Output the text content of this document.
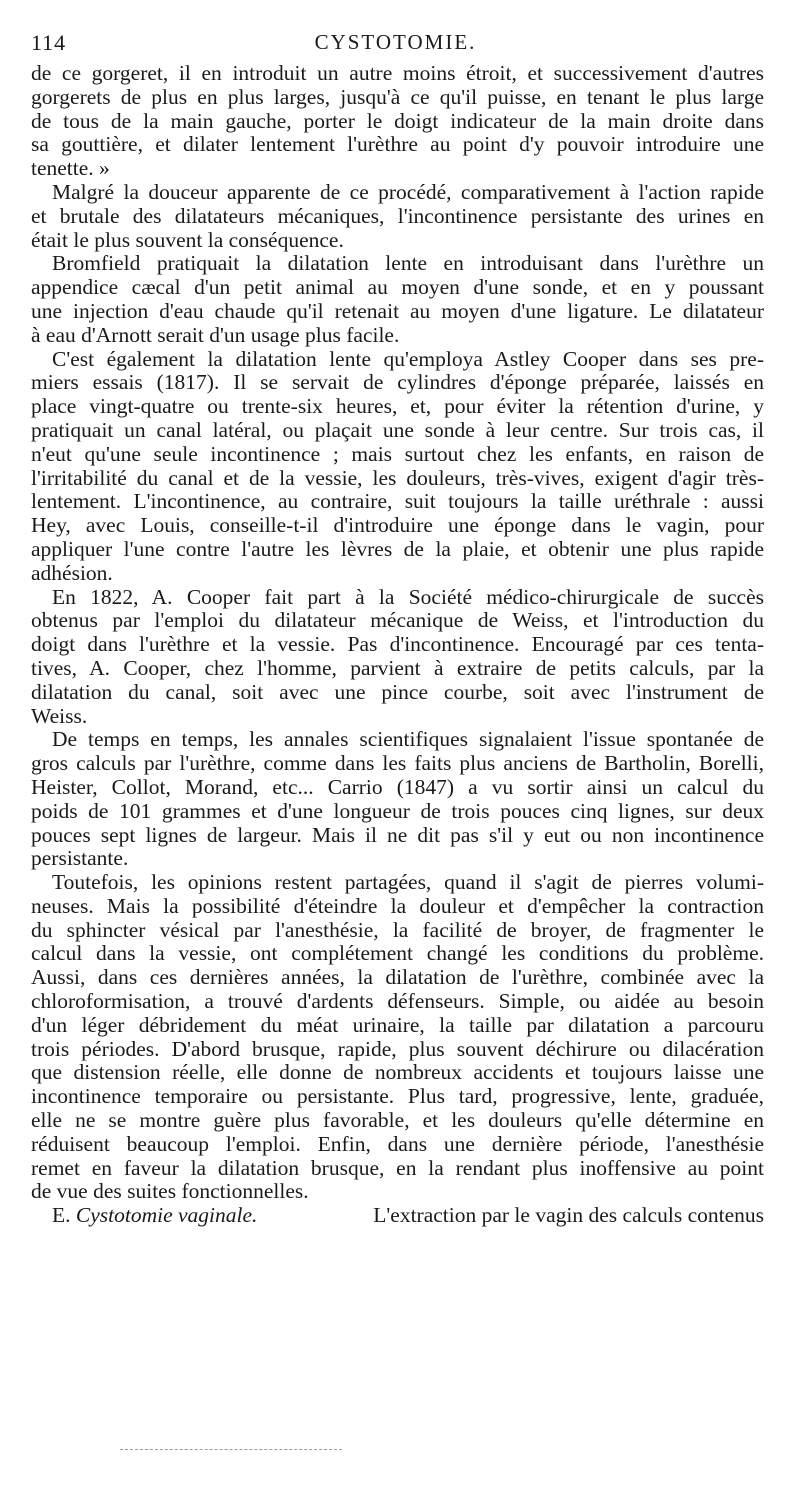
114	CYSTOTOMIE.
de ce gorgeret, il en introduit un autre moins étroit, et successivement d'autres
gorgerets de plus en plus larges, jusqu'à ce qu'il puisse, en tenant le plus large
de tous de la main gauche, porter le doigt indicateur de la main droite dans
sa gouttière, et dilater lentement l'urèthre au point d'y pouvoir introduire une
tenette. »
Malgré la douceur apparente de ce procédé, comparativement à l'action rapide
et brutale des dilatateurs mécaniques, l'incontinence persistante des urines en
était le plus souvent la conséquence.
Bromfield pratiquait la dilatation lente en introduisant dans l'urèthre un
appendice cæcal d'un petit animal au moyen d'une sonde, et en y poussant
une injection d'eau chaude qu'il retenait au moyen d'une ligature. Le dilatateur
à eau d'Arnott serait d'un usage plus facile.
C'est également la dilatation lente qu'employa Astley Cooper dans ses pre-
miers essais (1817). Il se servait de cylindres d'éponge préparée, laissés en
place vingt-quatre ou trente-six heures, et, pour éviter la rétention d'urine, y
pratiquait un canal latéral, ou plaçait une sonde à leur centre. Sur trois cas, il
n'eut qu'une seule incontinence ; mais surtout chez les enfants, en raison de
l'irritabilité du canal et de la vessie, les douleurs, très-vives, exigent d'agir très-
lentement. L'incontinence, au contraire, suit toujours la taille uréthrale : aussi
Hey, avec Louis, conseille-t-il d'introduire une éponge dans le vagin, pour
appliquer l'une contre l'autre les lèvres de la plaie, et obtenir une plus rapide
adhésion.
En 1822, A. Cooper fait part à la Société médico-chirurgicale de succès
obtenus par l'emploi du dilatateur mécanique de Weiss, et l'introduction du
doigt dans l'urèthre et la vessie. Pas d'incontinence. Encouragé par ces tenta-
tives, A. Cooper, chez l'homme, parvient à extraire de petits calculs, par la
dilatation du canal, soit avec une pince courbe, soit avec l'instrument de
Weiss.
De temps en temps, les annales scientifiques signalaient l'issue spontanée de
gros calculs par l'urèthre, comme dans les faits plus anciens de Bartholin, Borelli,
Heister, Collot, Morand, etc... Carrio (1847) a vu sortir ainsi un calcul du
poids de 101 grammes et d'une longueur de trois pouces cinq lignes, sur deux
pouces sept lignes de largeur. Mais il ne dit pas s'il y eut ou non incontinence
persistante.
Toutefois, les opinions restent partagées, quand il s'agit de pierres volumi-
neuses. Mais la possibilité d'éteindre la douleur et d'empêcher la contraction
du sphincter vésical par l'anesthésie, la facilité de broyer, de fragmenter le
calcul dans la vessie, ont complétement changé les conditions du problème.
Aussi, dans ces dernières années, la dilatation de l'urèthre, combinée avec la
chloroformisation, a trouvé d'ardents défenseurs. Simple, ou aidée au besoin
d'un léger débridement du méat urinaire, la taille par dilatation a parcouru
trois périodes. D'abord brusque, rapide, plus souvent déchirure ou dilacération
que distension réelle, elle donne de nombreux accidents et toujours laisse une
incontinence temporaire ou persistante. Plus tard, progressive, lente, graduée,
elle ne se montre guère plus favorable, et les douleurs qu'elle détermine en
réduisent beaucoup l'emploi. Enfin, dans une dernière période, l'anesthésie
remet en faveur la dilatation brusque, en la rendant plus inoffensive au point
de vue des suites fonctionnelles.
E. Cystotomie vaginale.	L'extraction par le vagin des calculs contenus
